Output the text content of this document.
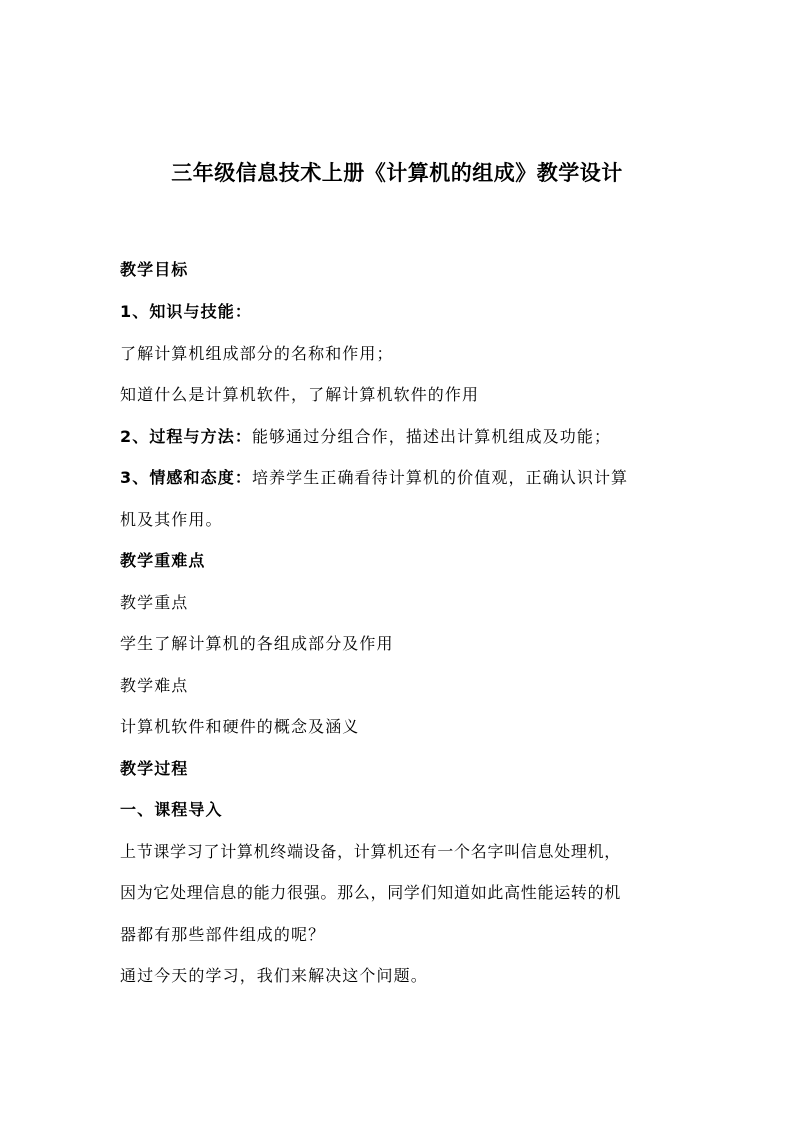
三年级信息技术上册《计算机的组成》教学设计
教学目标
1、知识与技能：
了解计算机组成部分的名称和作用；
知道什么是计算机软件，了解计算机软件的作用
2、过程与方法：能够通过分组合作，描述出计算机组成及功能；
3、情感和态度：培养学生正确看待计算机的价值观，正确认识计算
机及其作用。
教学重难点
教学重点
学生了解计算机的各组成部分及作用
教学难点
计算机软件和硬件的概念及涵义
教学过程
一、课程导入
上节课学习了计算机终端设备，计算机还有一个名字叫信息处理机，
因为它处理信息的能力很强。那么，同学们知道如此高性能运转的机
器都有那些部件组成的呢？
通过今天的学习，我们来解决这个问题。
